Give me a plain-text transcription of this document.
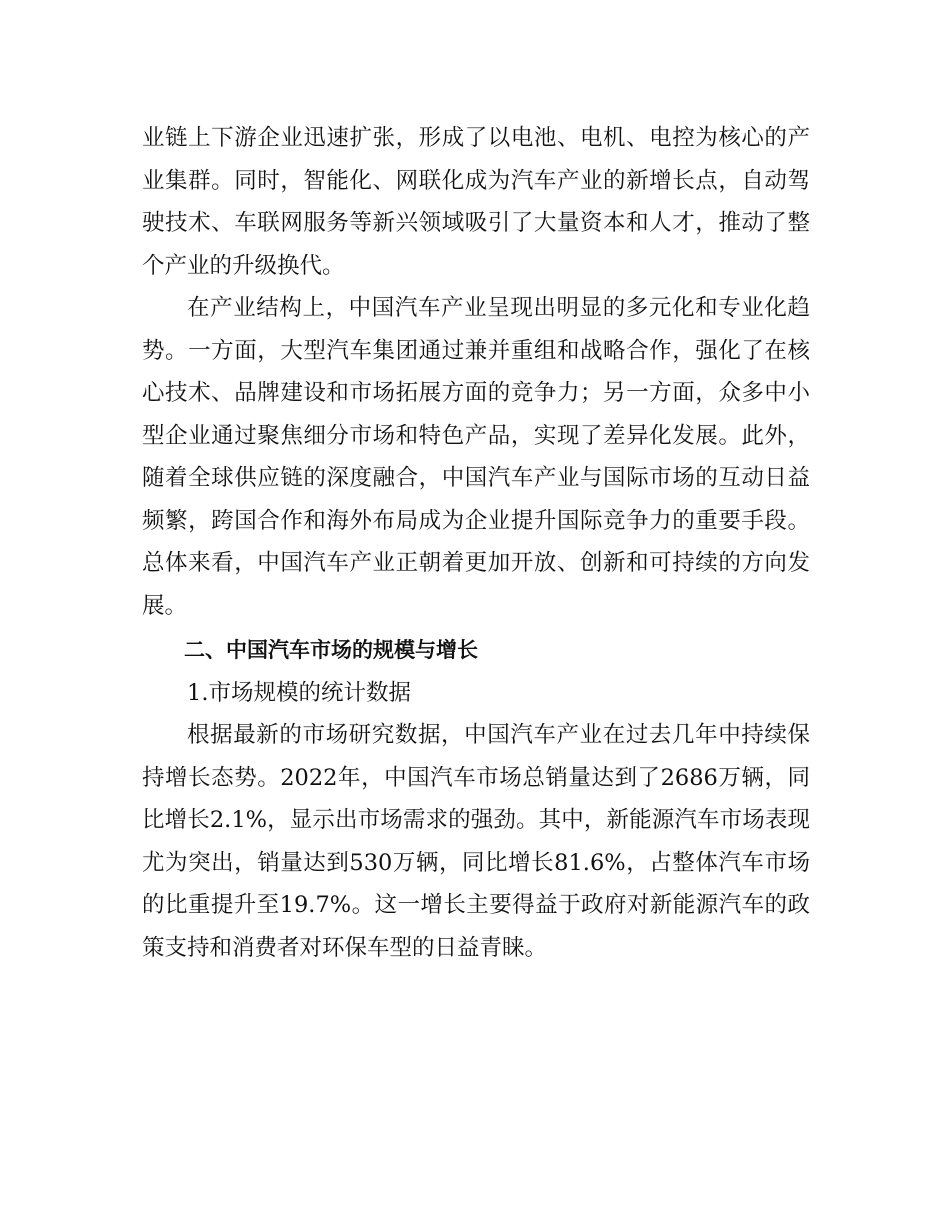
业链上下游企业迅速扩张，形成了以电池、电机、电控为核心的产业集群。同时，智能化、网联化成为汽车产业的新增长点，自动驾驶技术、车联网服务等新兴领域吸引了大量资本和人才，推动了整个产业的升级换代。

在产业结构上，中国汽车产业呈现出明显的多元化和专业化趋势。一方面，大型汽车集团通过兼并重组和战略合作，强化了在核心技术、品牌建设和市场拓展方面的竞争力；另一方面，众多中小型企业通过聚焦细分市场和特色产品，实现了差异化发展。此外，随着全球供应链的深度融合，中国汽车产业与国际市场的互动日益频繁，跨国合作和海外布局成为企业提升国际竞争力的重要手段。总体来看，中国汽车产业正朝着更加开放、创新和可持续的方向发展。

二、中国汽车市场的规模与增长

1.市场规模的统计数据

根据最新的市场研究数据，中国汽车产业在过去几年中持续保持增长态势。2022年，中国汽车市场总销量达到了2686万辆，同比增长2.1%，显示出市场需求的强劲。其中，新能源汽车市场表现尤为突出，销量达到530万辆，同比增长81.6%，占整体汽车市场的比重提升至19.7%。这一增长主要得益于政府对新能源汽车的政策支持和消费者对环保车型的日益青睐。
